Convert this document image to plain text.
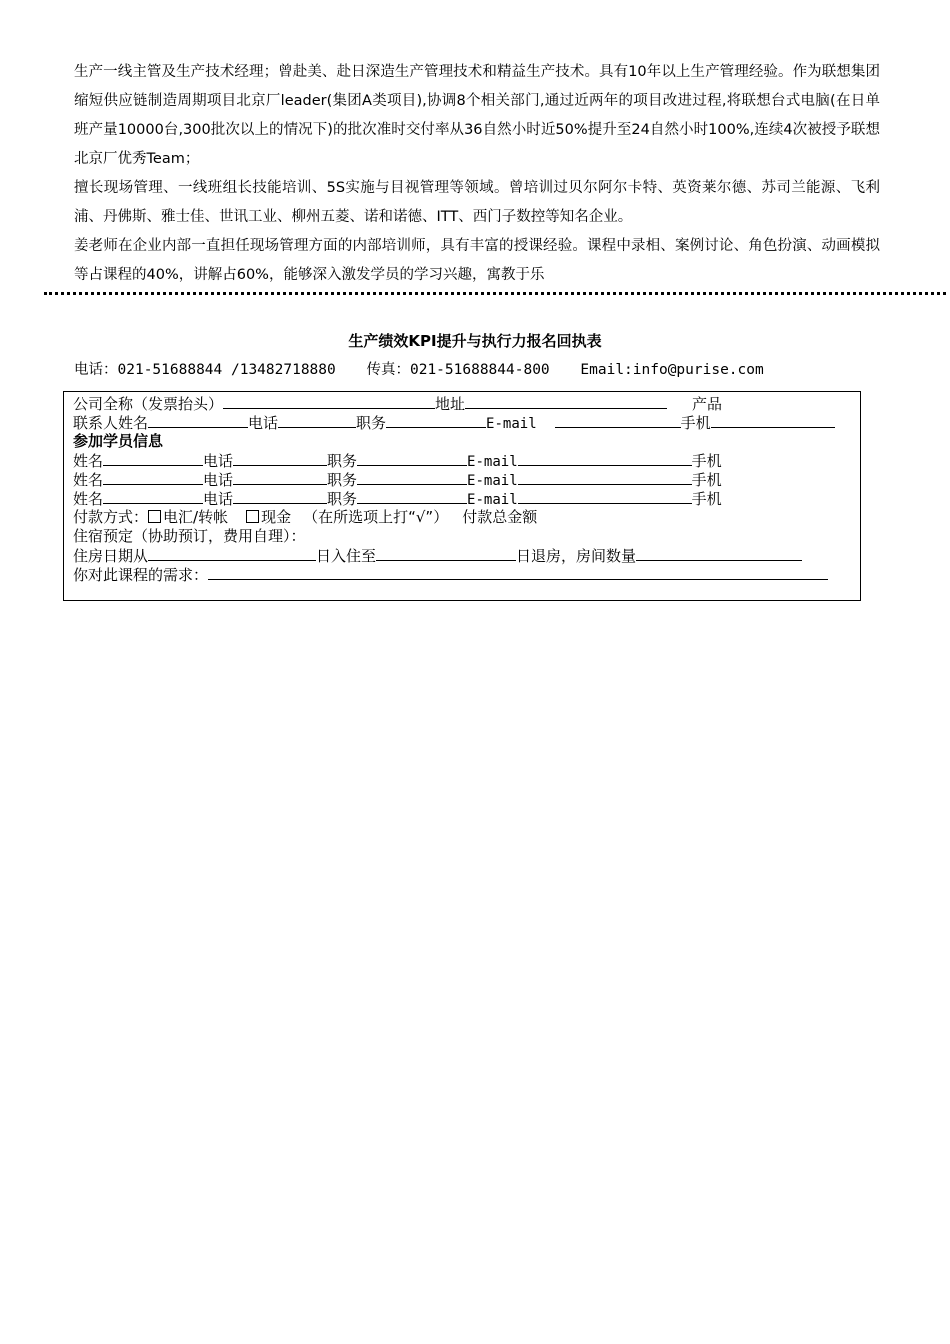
生产一线主管及生产技术经理；曾赴美、赴日深造生产管理技术和精益生产技术。具有10年以上生产管理经验。作为联想集团缩短供应链制造周期项目北京厂leader(集团A类项目),协调8个相关部门,通过近两年的项目改进过程,将联想台式电脑(在日单班产量10000台,300批次以上的情况下)的批次准时交付率从36自然小时近50%提升至24自然小时100%,连续4次被授予联想北京厂优秀Team；

擅长现场管理、一线班组长技能培训、5S实施与目视管理等领域。曾培训过贝尔阿尔卡特、英资莱尔德、苏司兰能源、飞利浦、丹佛斯、雅士佳、世讯工业、柳州五菱、诺和诺德、ITT、西门子数控等知名企业。

姜老师在企业内部一直担任现场管理方面的内部培训师，具有丰富的授课经验。课程中录相、案例讨论、角色扮演、动画模拟等占课程的40%，讲解占60%，能够深入激发学员的学习兴趣，寓教于乐

生产绩效KPI提升与执行力报名回执表
电话：021-51688844 /13482718880 传真：021-51688844-800 Email:info@purise.com
公司全称（发票抬头）	地址	产品
联系人姓名	电话	职务	E-mail	手机
参加学员信息
姓名	电话	职务	E-mail	手机
姓名	电话	职务	E-mail	手机
姓名	电话	职务	E-mail	手机
付款方式： 电汇/转帐 现金 （在所选项上打“√”） 付款总金额
住宿预定（协助预订，费用自理）：
住房日期从	日入住至	日退房，房间数量
你对此课程的需求：
